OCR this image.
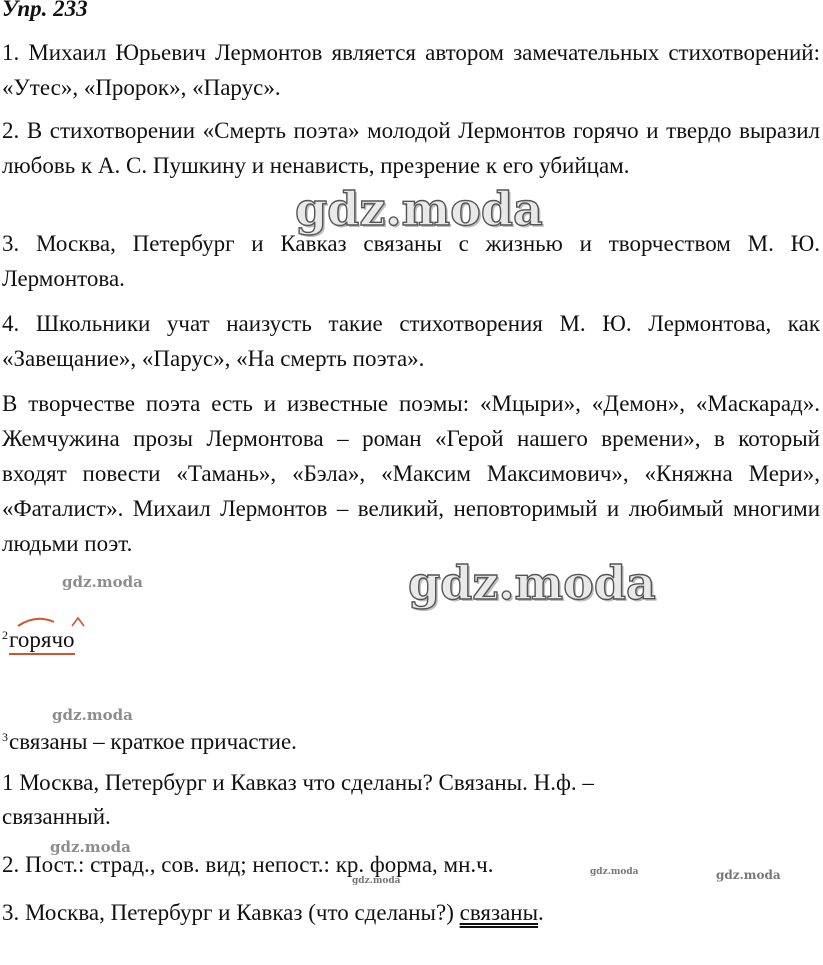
Упр. 233

1. Михаил Юрьевич Лермонтов является автором замечательных стихотворений: «Утес», «Пророк», «Парус».

2. В стихотворении «Смерть поэта» молодой Лермонтов горячо и твердо выразил любовь к А. С. Пушкину и ненависть, презрение к его убийцам.

3. Москва, Петербург и Кавказ связаны с жизнью и творчеством М. Ю. Лермонтова.

4. Школьники учат наизусть такие стихотворения М. Ю. Лермонтова, как «Завещание», «Парус», «На смерть поэта».

В творчестве поэта есть и известные поэмы: «Мцыри», «Демон», «Маскарад». Жемчужина прозы Лермонтова – роман «Герой нашего времени», в который входят повести «Тамань», «Бэла», «Максим Максимович», «Княжна Мери», «Фаталист». Михаил Лермонтов – великий, неповторимый и любимый многими людьми поэт.

$^2$горячо
$^3$связаны – краткое причастие.
1 Москва, Петербург и Кавказ что сделаны? Связаны. Н.ф. –
связанный.
2. Пост.: страд., сов. вид; непост.: кр. форма, мн.ч.
3. Москва, Петербург и Кавказ (что сделаны?) связаны.
gdz.moda
gdz.moda
gdz.moda
gdz.moda
gdz.moda
gdz.moda
gdz.moda	gdz.moda
